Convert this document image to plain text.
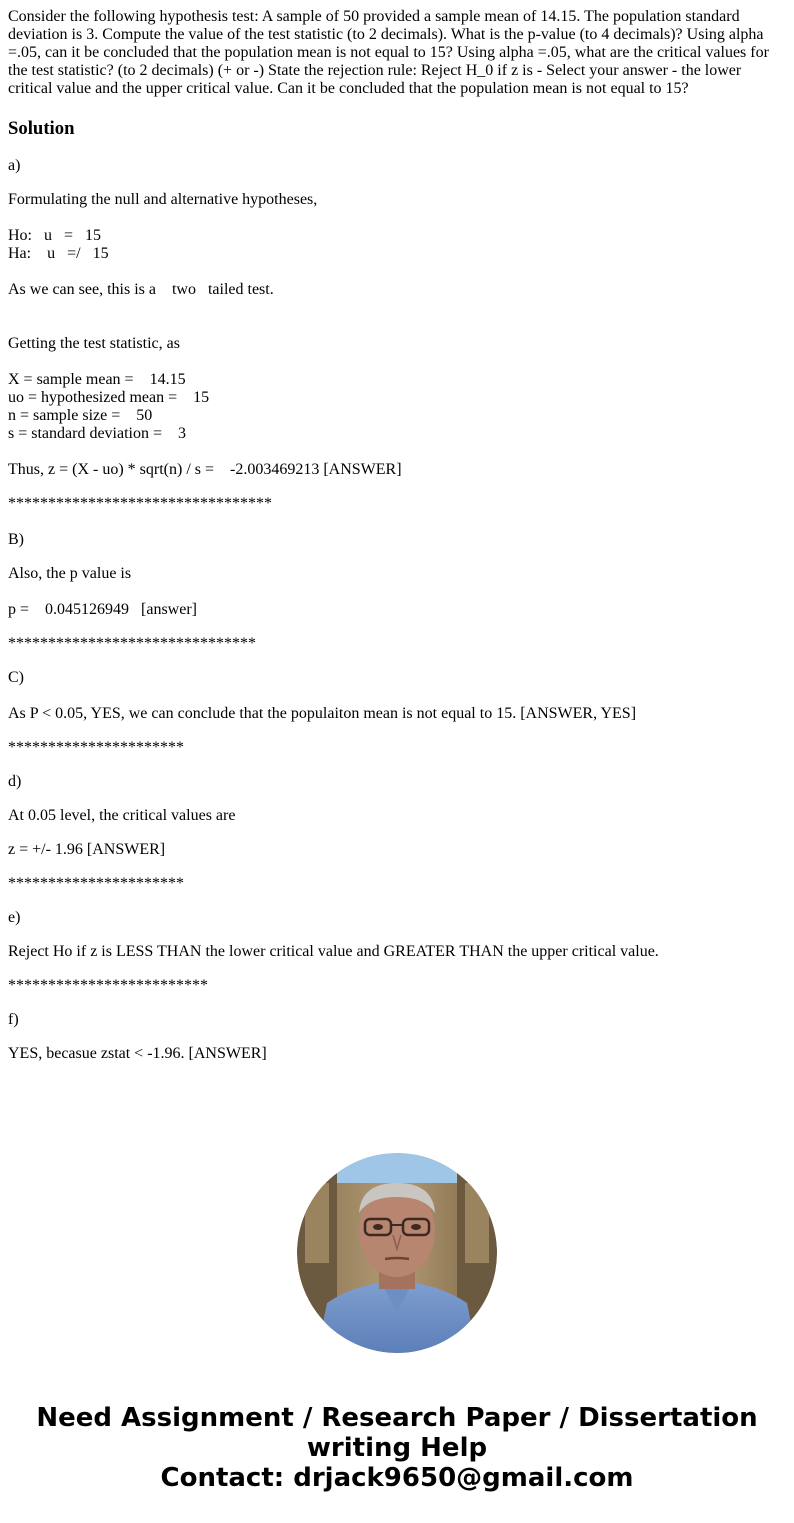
Consider the following hypothesis test: A sample of 50 provided a sample mean of 14.15. The population standard deviation is 3. Compute the value of the test statistic (to 2 decimals). What is the p-value (to 4 decimals)? Using alpha =.05, can it be concluded that the population mean is not equal to 15? Using alpha =.05, what are the critical values for the test statistic? (to 2 decimals) (+ or -) State the rejection rule: Reject H_0 if z is - Select your answer - the lower critical value and the upper critical value. Can it be concluded that the population mean is not equal to 15?

Solution
a)
Formulating the null and alternative hypotheses,
Ho:   u   =   15
Ha:    u   =/   15
As we can see, this is a    two   tailed test.
Getting the test statistic, as
X = sample mean =    14.15
uo = hypothesized mean =    15
n = sample size =    50
s = standard deviation =    3
Thus, z = (X - uo) * sqrt(n) / s =    -2.003469213 [ANSWER]
*********************************
B)
Also, the p value is
p =    0.045126949   [answer]
*******************************
C)
As P < 0.05, YES, we can conclude that the populaiton mean is not equal to 15. [ANSWER, YES]
**********************
d)
At 0.05 level, the critical values are
z = +/- 1.96 [ANSWER]
**********************
e)
Reject Ho if z is LESS THAN the lower critical value and GREATER THAN the upper critical value.
*************************
f)
YES, becasue zstat < -1.96. [ANSWER]
Need Assignment / Research Paper / Dissertation
writing Help
Contact: drjack9650@gmail.com
